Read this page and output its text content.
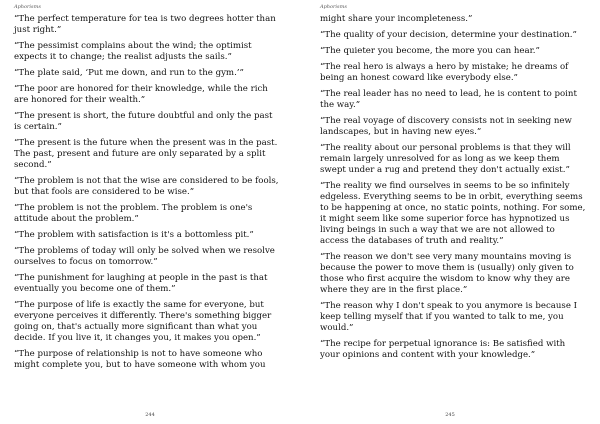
Aphorisms
“The perfect temperature for tea is two degrees hotter than just right.”
“The pessimist complains about the wind; the optimist expects it to change; the realist adjusts the sails.”
“The plate said, ‘Put me down, and run to the gym.’”
“The poor are honored for their knowledge, while the rich are honored for their wealth.”
“The present is short, the future doubtful and only the past is certain.”
“The present is the future when the present was in the past. The past, present and future are only separated by a split second.”
“The problem is not that the wise are considered to be fools, but that fools are considered to be wise.”
“The problem is not the problem. The problem is one's attitude about the problem.”
“The problem with satisfaction is it's a bottomless pit.”
“The problems of today will only be solved when we resolve ourselves to focus on tomorrow.”
“The punishment for laughing at people in the past is that eventually you become one of them.”
“The purpose of life is exactly the same for everyone, but everyone perceives it differently. There's something bigger going on, that's actually more significant than what you decide. If you live it, it changes you, it makes you open.”
“The purpose of relationship is not to have someone who might complete you, but to have someone with whom you
244
Aphorisms
might share your incompleteness.”
“The quality of your decision, determine your destination.”
“The quieter you become, the more you can hear.”
“The real hero is always a hero by mistake; he dreams of being an honest coward like everybody else.”
“The real leader has no need to lead, he is content to point the way.”
“The real voyage of discovery consists not in seeking new landscapes, but in having new eyes.”
“The reality about our personal problems is that they will remain largely unresolved for as long as we keep them swept under a rug and pretend they don't actually exist.”
“The reality we find ourselves in seems to be so infinitely edgeless. Everything seems to be in orbit, everything seems to be happening at once, no static points, nothing. For some, it might seem like some superior force has hypnotized us living beings in such a way that we are not allowed to access the databases of truth and reality.”
“The reason we don't see very many mountains moving is because the power to move them is (usually) only given to those who first acquire the wisdom to know why they are where they are in the first place.”
“The reason why I don't speak to you anymore is because I keep telling myself that if you wanted to talk to me, you would.”
“The recipe for perpetual ignorance is: Be satisfied with your opinions and content with your knowledge.”
245
